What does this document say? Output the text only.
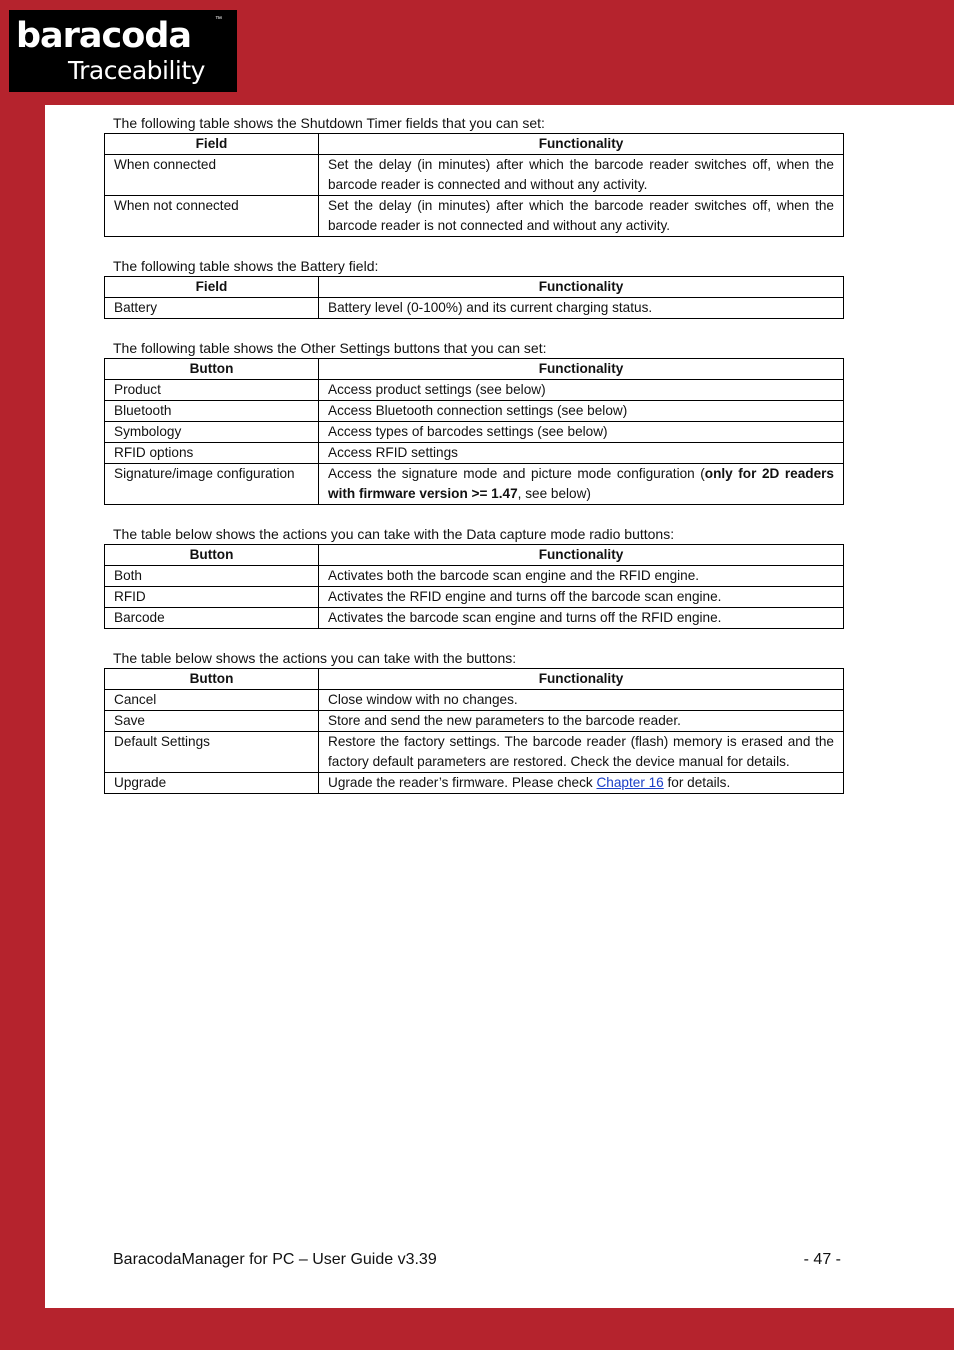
baracoda	™
Traceability

The following table shows the Shutdown Timer fields that you can set:

Field	Functionality
When connected	Set the delay (in minutes) after which the barcode reader switches off, when the barcode reader is connected and without any activity.
When not connected	Set the delay (in minutes) after which the barcode reader switches off, when the barcode reader is not connected and without any activity.

The following table shows the Battery field:

Field	Functionality
Battery	Battery level (0-100%) and its current charging status.

The following table shows the Other Settings buttons that you can set:

Button	Functionality
Product	Access product settings (see below)
Bluetooth	Access Bluetooth connection settings (see below)
Symbology	Access types of barcodes settings (see below)
RFID options	Access RFID settings
Signature/image configuration	Access the signature mode and picture mode configuration (only for 2D readers with firmware version >= 1.47, see below)

The table below shows the actions you can take with the Data capture mode radio buttons:

Button	Functionality
Both	Activates both the barcode scan engine and the RFID engine.
RFID	Activates the RFID engine and turns off the barcode scan engine.
Barcode	Activates the barcode scan engine and turns off the RFID engine.

The table below shows the actions you can take with the buttons:

Button	Functionality
Cancel	Close window with no changes.
Save	Store and send the new parameters to the barcode reader.
Default Settings	Restore the factory settings. The barcode reader (flash) memory is erased and the factory default parameters are restored. Check the device manual for details.
Upgrade	Ugrade the reader’s firmware. Please check Chapter 16 for details.
BaracodaManager for PC – User Guide v3.39	- 47 -
